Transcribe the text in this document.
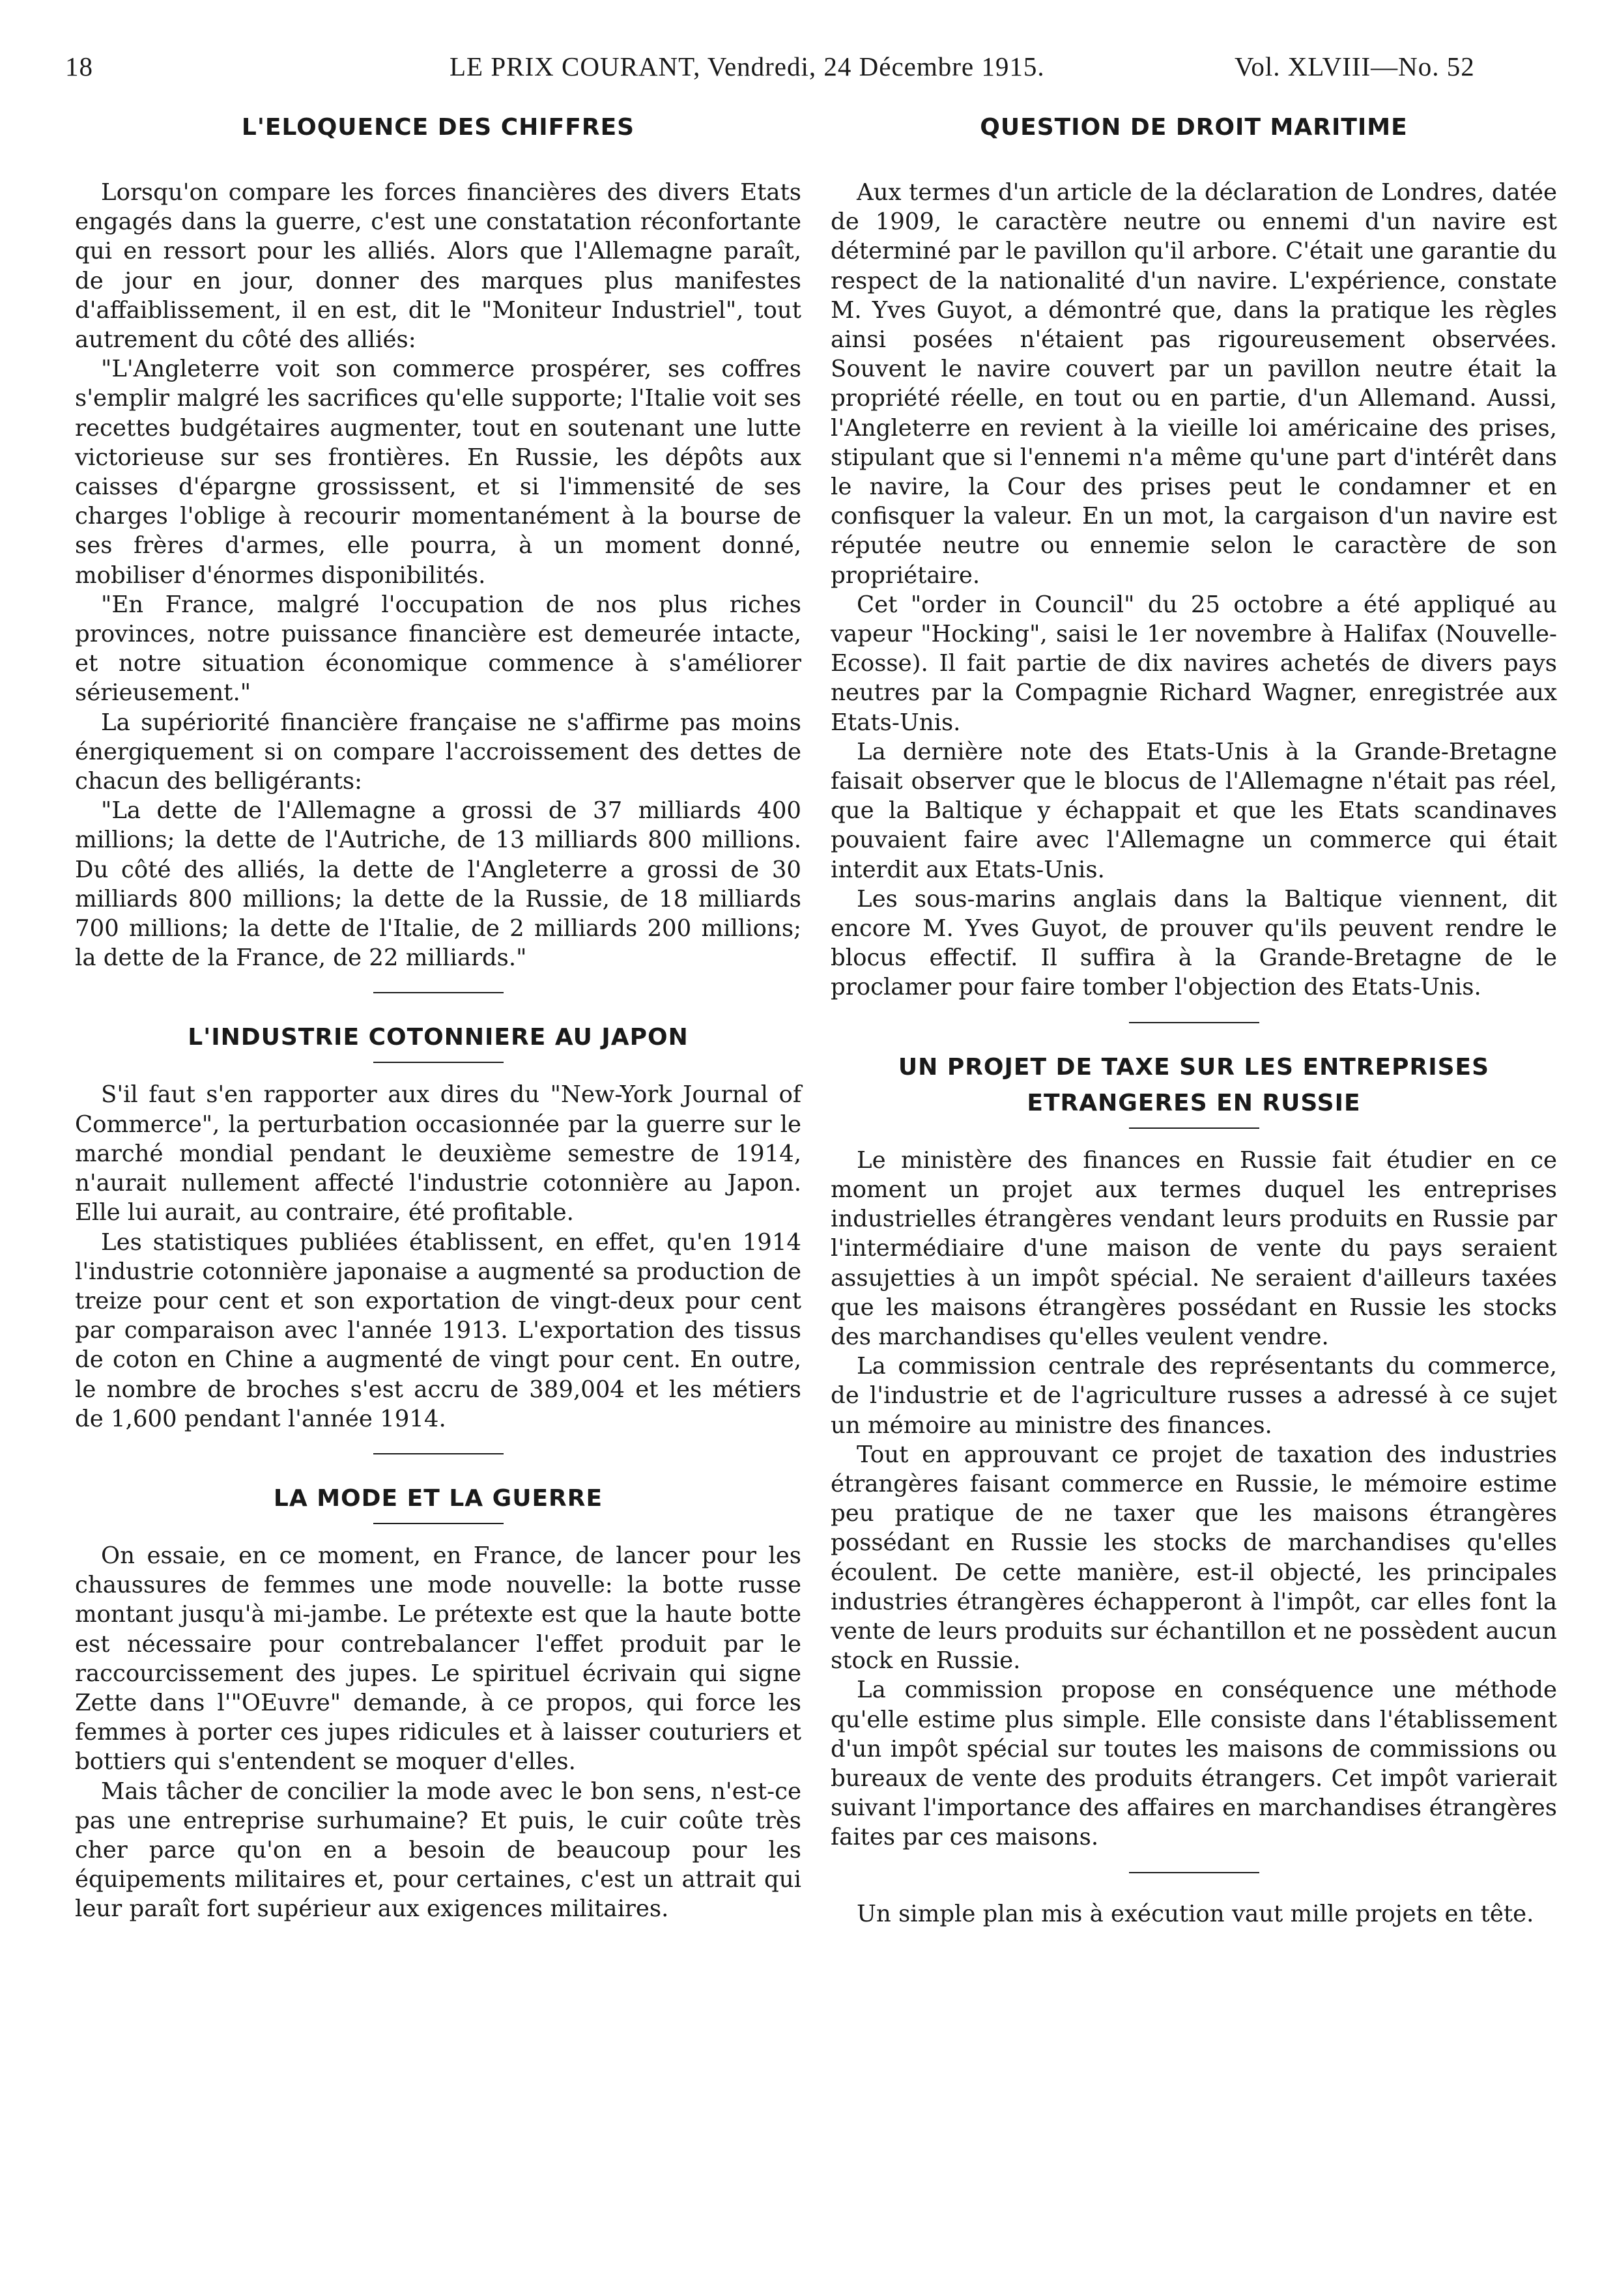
18	LE PRIX COURANT, Vendredi, 24 Décembre 1915.	Vol. XLVIII—No. 52
L'ELOQUENCE DES CHIFFRES

Lorsqu'on compare les forces financières des divers Etats engagés dans la guerre, c'est une constatation réconfortante qui en ressort pour les alliés. Alors que l'Allemagne paraît, de jour en jour, donner des marques plus manifestes d'affaiblissement, il en est, dit le "Moniteur Industriel", tout autrement du côté des alliés:

"L'Angleterre voit son commerce prospérer, ses coffres s'emplir malgré les sacrifices qu'elle supporte; l'Italie voit ses recettes budgétaires augmenter, tout en soutenant une lutte victorieuse sur ses frontières. En Russie, les dépôts aux caisses d'épargne grossissent, et si l'immensité de ses charges l'oblige à recourir momentanément à la bourse de ses frères d'armes, elle pourra, à un moment donné, mobiliser d'énormes disponibilités.

"En France, malgré l'occupation de nos plus riches provinces, notre puissance financière est demeurée intacte, et notre situation économique commence à s'améliorer sérieusement."

La supériorité financière française ne s'affirme pas moins énergiquement si on compare l'accroissement des dettes de chacun des belligérants:

"La dette de l'Allemagne a grossi de 37 milliards 400 millions; la dette de l'Autriche, de 13 milliards 800 millions. Du côté des alliés, la dette de l'Angleterre a grossi de 30 milliards 800 millions; la dette de la Russie, de 18 milliards 700 millions; la dette de l'Italie, de 2 milliards 200 millions; la dette de la France, de 22 milliards."

L'INDUSTRIE COTONNIERE AU JAPON

S'il faut s'en rapporter aux dires du "New-York Journal of Commerce", la perturbation occasionnée par la guerre sur le marché mondial pendant le deuxième semestre de 1914, n'aurait nullement affecté l'industrie cotonnière au Japon. Elle lui aurait, au contraire, été profitable.

Les statistiques publiées établissent, en effet, qu'en 1914 l'industrie cotonnière japonaise a augmenté sa production de treize pour cent et son exportation de vingt-deux pour cent par comparaison avec l'année 1913. L'exportation des tissus de coton en Chine a augmenté de vingt pour cent. En outre, le nombre de broches s'est accru de 389,004 et les métiers de 1,600 pendant l'année 1914.

LA MODE ET LA GUERRE

On essaie, en ce moment, en France, de lancer pour les chaussures de femmes une mode nouvelle: la botte russe montant jusqu'à mi-jambe. Le prétexte est que la haute botte est nécessaire pour contrebalancer l'effet produit par le raccourcissement des jupes. Le spirituel écrivain qui signe Zette dans l'"OEuvre" demande, à ce propos, qui force les femmes à porter ces jupes ridicules et à laisser couturiers et bottiers qui s'entendent se moquer d'elles.

Mais tâcher de concilier la mode avec le bon sens, n'est-ce pas une entreprise surhumaine? Et puis, le cuir coûte très cher parce qu'on en a besoin de beaucoup pour les équipements militaires et, pour certaines, c'est un attrait qui leur paraît fort supérieur aux exigences militaires.

QUESTION DE DROIT MARITIME

Aux termes d'un article de la déclaration de Londres, datée de 1909, le caractère neutre ou ennemi d'un navire est déterminé par le pavillon qu'il arbore. C'était une garantie du respect de la nationalité d'un navire. L'expérience, constate M. Yves Guyot, a démontré que, dans la pratique les règles ainsi posées n'étaient pas rigoureusement observées. Souvent le navire couvert par un pavillon neutre était la propriété réelle, en tout ou en partie, d'un Allemand. Aussi, l'Angleterre en revient à la vieille loi américaine des prises, stipulant que si l'ennemi n'a même qu'une part d'intérêt dans le navire, la Cour des prises peut le condamner et en confisquer la valeur. En un mot, la cargaison d'un navire est réputée neutre ou ennemie selon le caractère de son propriétaire.

Cet "order in Council" du 25 octobre a été appliqué au vapeur "Hocking", saisi le 1er novembre à Halifax (Nouvelle-Ecosse). Il fait partie de dix navires achetés de divers pays neutres par la Compagnie Richard Wagner, enregistrée aux Etats-Unis.

La dernière note des Etats-Unis à la Grande-Bretagne faisait observer que le blocus de l'Allemagne n'était pas réel, que la Baltique y échappait et que les Etats scandinaves pouvaient faire avec l'Allemagne un commerce qui était interdit aux Etats-Unis.

Les sous-marins anglais dans la Baltique viennent, dit encore M. Yves Guyot, de prouver qu'ils peuvent rendre le blocus effectif. Il suffira à la Grande-Bretagne de le proclamer pour faire tomber l'objection des Etats-Unis.

UN PROJET DE TAXE SUR LES ENTREPRISES ETRANGERES EN RUSSIE

Le ministère des finances en Russie fait étudier en ce moment un projet aux termes duquel les entreprises industrielles étrangères vendant leurs produits en Russie par l'intermédiaire d'une maison de vente du pays seraient assujetties à un impôt spécial. Ne seraient d'ailleurs taxées que les maisons étrangères possédant en Russie les stocks des marchandises qu'elles veulent vendre.

La commission centrale des représentants du commerce, de l'industrie et de l'agriculture russes a adressé à ce sujet un mémoire au ministre des finances.

Tout en approuvant ce projet de taxation des industries étrangères faisant commerce en Russie, le mémoire estime peu pratique de ne taxer que les maisons étrangères possédant en Russie les stocks de marchandises qu'elles écoulent. De cette manière, est-il objecté, les principales industries étrangères échapperont à l'impôt, car elles font la vente de leurs produits sur échantillon et ne possèdent aucun stock en Russie.

La commission propose en conséquence une méthode qu'elle estime plus simple. Elle consiste dans l'établissement d'un impôt spécial sur toutes les maisons de commissions ou bureaux de vente des produits étrangers. Cet impôt varierait suivant l'importance des affaires en marchandises étrangères faites par ces maisons.

Un simple plan mis à exécution vaut mille projets en tête.
